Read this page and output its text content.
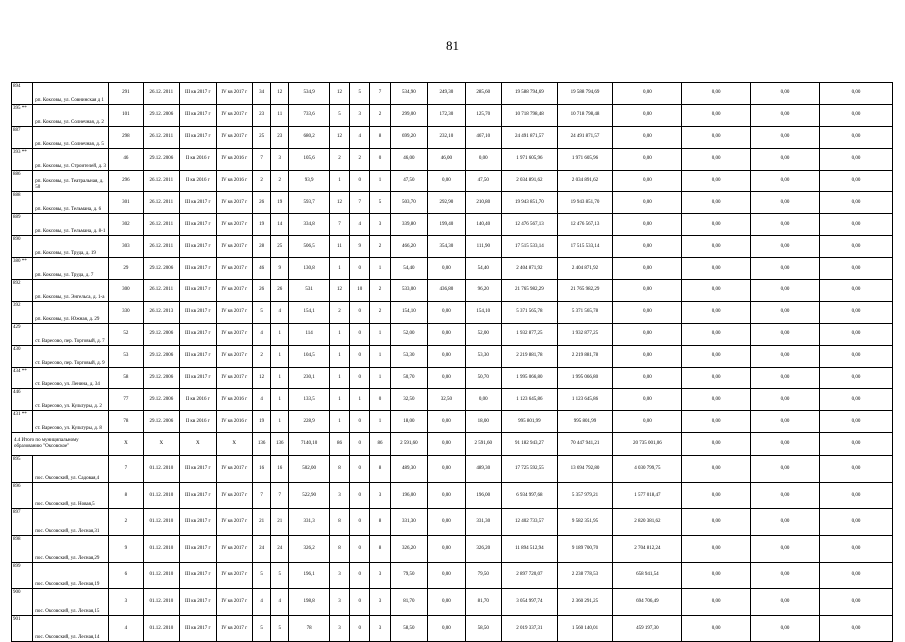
81
894	рп. Коксовы, ул. Совнинская д 1	291	26.12. 2011	III кв 2017 г	IV кв 2017 г	34	12	534,9	12	5	7	534,90	249,30	285,60	19 588 794,69	19 588 794,69	0,00	0,00	0,00	0,00
395 **	рп. Коксовы, ул. Солнечная, д. 2	101	29.12. 2006	III кв 2017 г	IV кв 2017 г	23	11	733,6	5	3	2	299,00	172,30	125,70	10 718 798,48	10 718 798,48	0,00	0,00	0,00	0,00
887	рп. Коксовы, ул. Солнечная, д. 5	298	26.12. 2011	III кв 2017 г	IV кв 2017 г	25	23	680,2	12	4	8	699,20	232,10	467,10	24 491 871,57	24 491 871,57	0,00	0,00	0,00	0,00
393 **	рп. Коксовы, ул. Строителей, д. 3	46	29.12. 2006	II кв 2016 г	IV кв 2016 г	7	3	105,6	2	2	0	46,00	46,00	0,00	1 971 605,96	1 971 605,96	0,00	0,00	0,00	0,00
886	рп. Коксовы, ул. Театральная, д. 50	296	26.12. 2011	II кв 2016 г	IV кв 2016 г	2	2	93,9	1	0	1	47,50	0,00	47,50	2 034 891,62	2 034 891,62	0,00	0,00	0,00	0,00
888	рп. Коксовы, ул. Тельмана, д. 6	301	26.12. 2011	III кв 2017 г	IV кв 2017 г	26	19	593,7	12	7	5	503,70	292,90	210,80	19 943 851,70	19 943 851,70	0,00	0,00	0,00	0,00
889	рп. Коксовы, ул. Тельмана, д. 8-1	302	26.12. 2011	III кв 2017 г	IV кв 2017 г	19	14	334,8	7	4	3	339,80	199,40	140,40	12 476 567,13	12 476 567,13	0,00	0,00	0,00	0,00
890	рп. Коксовы, ул. Труда, д. 19	303	26.12. 2011	III кв 2017 г	IV кв 2017 г	28	25	506,5	11	9	2	466,20	354,30	111,90	17 515 533,14	17 515 533,14	0,00	0,00	0,00	0,00
380 **	рп. Коксовы, ул. Труда, д. 7	29	29.12. 2006	III кв 2017 г	IV кв 2017 г	46	9	130,8	1	0	1	54,40	0,00	54,40	2 404 871,92	2 404 871,92	0,00	0,00	0,00	0,00
892	рп. Коксовы, ул. Энгельса, д. 1-а	300	26.12. 2011	III кв 2017 г	IV кв 2017 г	26	26	531	12	10	2	533,00	436,80	96,20	21 765 982,29	21 765 982,29	0,00	0,00	0,00	0,00
392	рп. Коксовы, ул. Южная, д. 29	330	26.12. 2013	III кв 2017 г	IV кв 2017 г	5	4	154,1	2	0	2	154,10	0,00	154,10	5 371 565,78	5 371 565,78	0,00	0,00	0,00	0,00
429	ст. Варесово, пер. Торговый, д. 7	52	29.12. 2006	III кв 2017 г	IV кв 2017 г	4	1	114	1	0	1	52,00	0,00	52,00	1 932 877,25	1 932 877,25	0,00	0,00	0,00	0,00
430	ст. Варесово, пер. Торговый, д. 9	53	29.12. 2006	III кв 2017 г	IV кв 2017 г	2	1	104,5	1	0	1	53,30	0,00	53,30	2 219 881,78	2 219 881,78	0,00	0,00	0,00	0,00
434 **	ст. Варесово, ул. Ленина, д. 34	58	29.12. 2006	III кв 2017 г	IV кв 2017 г	12	1	230,1	1	0	1	50,70	0,00	50,70	1 995 066,80	1 995 066,80	0,00	0,00	0,00	0,00
446	ст. Варесово, ул. Культуры, д. 2	77	29.12. 2006	II кв 2016 г	IV кв 2016 г	4	1	133,5	1	1	0	32,50	32,50	0,00	1 123 645,86	1 123 645,86	0,00	0,00	0,00	0,00
431 **	ст. Варесово, ул. Культуры, д. 8	78	29.12. 2006	II кв 2016 г	IV кв 2016 г	19	1	228,9	1	0	1	18,00	0,00	18,00	995 801,99	995 801,99	0,00	0,00	0,00	0,00
4.4 Итого по муниципальному образованию "Оксовское"		X	X	X	X	136	136	7140,10	86	0	86	2 591,60	0,00	2 591,60	91 182 943,27	70 447 941,21	20 735 001,06	0,00	0,00	0,00
895	пос. Оксовский, ул. Садовая,4	7	01.12. 2010	III кв 2017 г	IV кв 2017 г	16	16	502,00	8	0	8	489,30	0,00	489,30	17 725 592,55	13 694 792,80	4 030 799,75	0,00	0,00	0,00
896	пос. Оксовский, ул. Новая,5	8	01.12. 2010	III кв 2017 г	IV кв 2017 г	7	7	522,90	3	0	3	196,00	0,00	196,00	6 934 997,68	5 357 979,21	1 577 018,47	0,00	0,00	0,00
897	пос. Оксовский, ул. Лесная,31	2	01.12. 2010	III кв 2017 г	IV кв 2017 г	21	21	331,3	8	0	8	331,30	0,00	331,30	12 402 733,57	9 582 351,95	2 820 381,62	0,00	0,00	0,00
898	пос. Оксовский, ул. Лесная,29	9	01.12. 2010	III кв 2017 г	IV кв 2017 г	24	24	326,2	8	0	8	326,20	0,00	326,20	11 894 512,94	9 189 700,70	2 704 812,24	0,00	0,00	0,00
899	пос. Оксовский, ул. Лесная,19	6	01.12. 2010	III кв 2017 г	IV кв 2017 г	5	5	196,1	3	0	3	79,50	0,00	79,50	2 897 720,07	2 238 778,53	658 941,54	0,00	0,00	0,00
900	пос. Оксовский, ул. Лесная,15	3	01.12. 2010	III кв 2017 г	IV кв 2017 г	4	4	198,8	3	0	3	81,70	0,00	81,70	3 054 997,74	2 360 291,25	694 706,49	0,00	0,00	0,00
901	пос. Оксовский, ул. Лесная,14	4	01.12. 2010	III кв 2017 г	IV кв 2017 г	5	5	78	3	0	3	58,50	0,00	58,50	2 019 337,31	1 560 140,01	459 197,30	0,00	0,00	0,00
